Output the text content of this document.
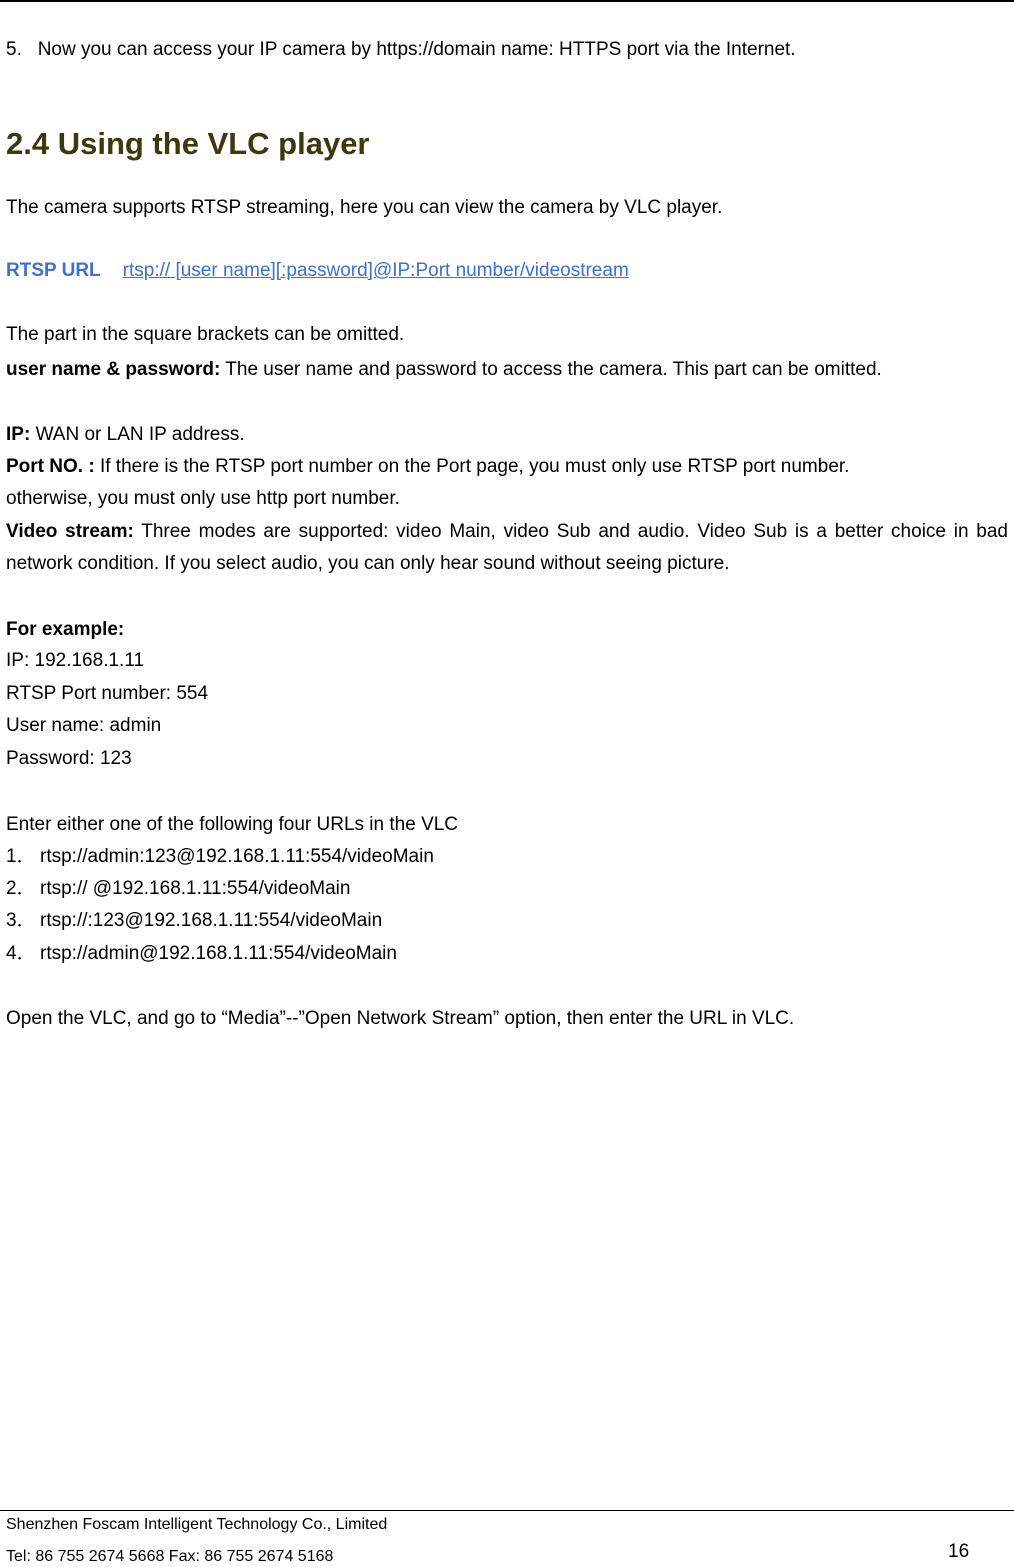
5. Now you can access your IP camera by https://domain name: HTTPS port via the Internet.
2.4 Using the VLC player
The camera supports RTSP streaming, here you can view the camera by VLC player.
RTSP URL rtsp:// [user name][:password]@IP:Port number/videostream
The part in the square brackets can be omitted.
user name & password: The user name and password to access the camera. This part can be omitted.
IP: WAN or LAN IP address.
Port NO. : If there is the RTSP port number on the Port page, you must only use RTSP port number.
otherwise, you must only use http port number.
Video stream: Three modes are supported: video Main, video Sub and audio. Video Sub is a better choice in bad network condition. If you select audio, you can only hear sound without seeing picture.
For example:
IP: 192.168.1.11
RTSP Port number: 554
User name: admin
Password: 123
Enter either one of the following four URLs in the VLC
1． rtsp://admin:123@192.168.1.11:554/videoMain
2． rtsp:// @192.168.1.11:554/videoMain
3． rtsp://:123@192.168.1.11:554/videoMain
4． rtsp://admin@192.168.1.11:554/videoMain
Open the VLC, and go to “Media”--”Open Network Stream” option, then enter the URL in VLC.
Shenzhen Foscam Intelligent Technology Co., Limited
Tel: 86 755 2674 5668 Fax: 86 755 2674 5168	16
